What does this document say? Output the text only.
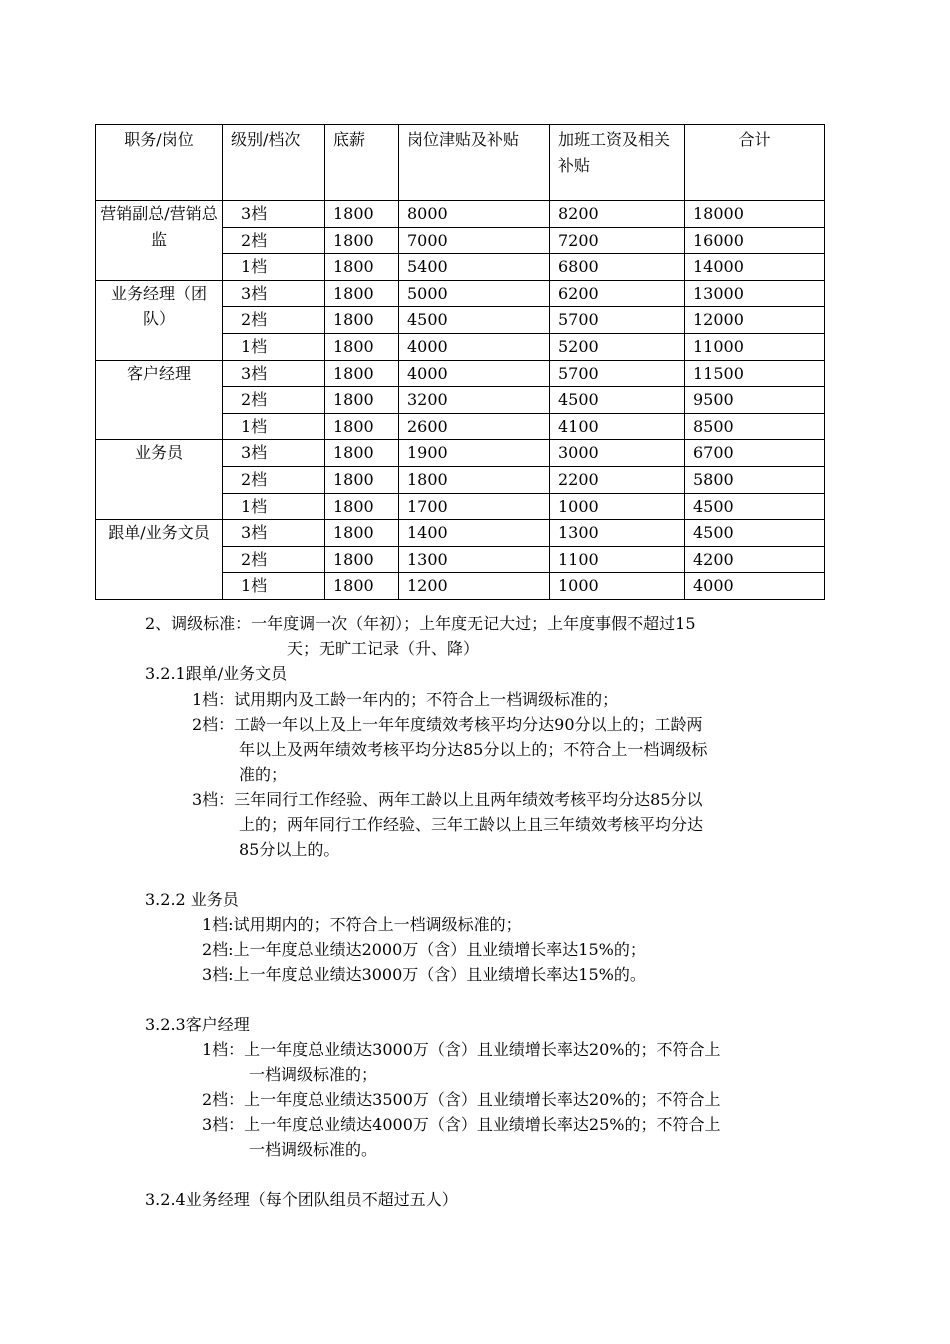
职务/岗位	级别/档次	底薪	岗位津贴及补贴	加班工资及相关补贴	合计
营销副总/营销总监	3档	1800	8000	8200	18000
	2档	1800	7000	7200	16000
	1档	1800	5400	6800	14000
业务经理（团队）	3档	1800	5000	6200	13000
	2档	1800	4500	5700	12000
	1档	1800	4000	5200	11000
客户经理	3档	1800	4000	5700	11500
	2档	1800	3200	4500	9500
	1档	1800	2600	4100	8500
业务员	3档	1800	1900	3000	6700
	2档	1800	1800	2200	5800
	1档	1800	1700	1000	4500
跟单/业务文员	3档	1800	1400	1300	4500
	2档	1800	1300	1100	4200
	1档	1800	1200	1000	4000
2、调级标准：一年度调一次（年初）；上年度无记大过；上年度事假不超过15
天；无旷工记录（升、降）
3.2.1跟单/业务文员
1档：试用期内及工龄一年内的；不符合上一档调级标准的；
2档：工龄一年以上及上一年年度绩效考核平均分达90分以上的；工龄两
年以上及两年绩效考核平均分达85分以上的；不符合上一档调级标
准的；
3档：三年同行工作经验、两年工龄以上且两年绩效考核平均分达85分以
上的；两年同行工作经验、三年工龄以上且三年绩效考核平均分达
85分以上的。
3.2.2 业务员
1档:试用期内的；不符合上一档调级标准的；
2档:上一年度总业绩达2000万（含）且业绩增长率达15%的；
3档:上一年度总业绩达3000万（含）且业绩增长率达15%的。
3.2.3客户经理
1档：上一年度总业绩达3000万（含）且业绩增长率达20%的；不符合上
一档调级标准的；
2档：上一年度总业绩达3500万（含）且业绩增长率达20%的；不符合上
3档：上一年度总业绩达4000万（含）且业绩增长率达25%的；不符合上
一档调级标准的。
3.2.4业务经理（每个团队组员不超过五人）
